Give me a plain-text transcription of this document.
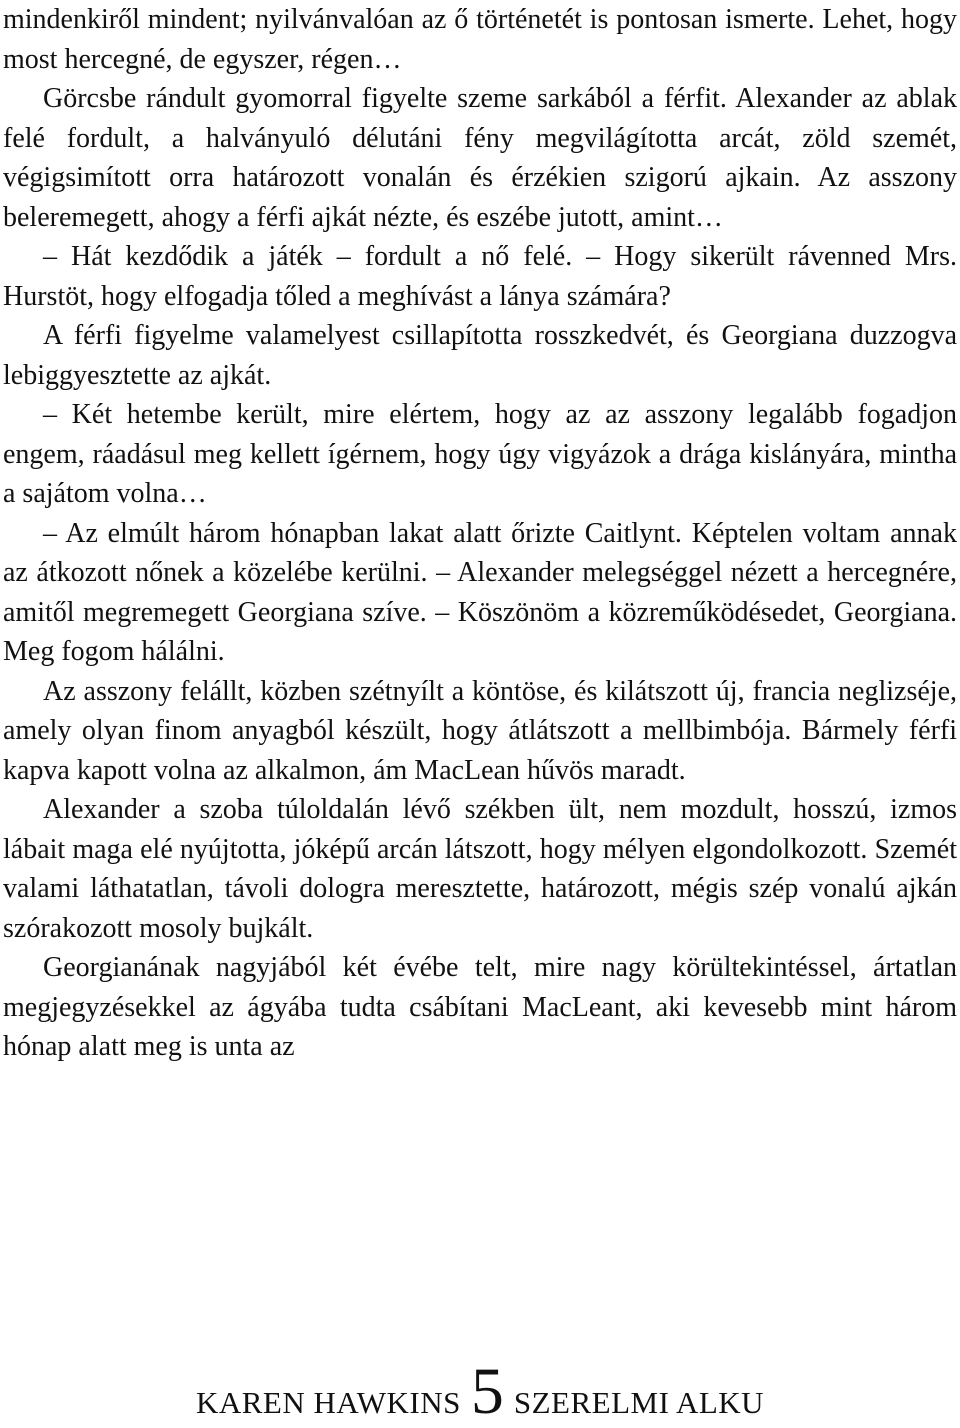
mindenkiről mindent; nyilvánvalóan az ő történetét is pontosan ismerte. Lehet, hogy most hercegné, de egyszer, régen…

Görcsbe rándult gyomorral figyelte szeme sarkából a férfit. Alexander az ablak felé fordult, a halványuló délutáni fény megvilágította arcát, zöld szemét, végigsimított orra határozott vonalán és érzékien szigorú ajkain. Az asszony beleremegett, ahogy a férfi ajkát nézte, és eszébe jutott, amint…

– Hát kezdődik a játék – fordult a nő felé. – Hogy sikerült rávenned Mrs. Hurstöt, hogy elfogadja tőled a meghívást a lánya számára?

A férfi figyelme valamelyest csillapította rosszkedvét, és Georgiana duzzogva lebiggyesztette az ajkát.

– Két hetembe került, mire elértem, hogy az az asszony legalább fogadjon engem, ráadásul meg kellett ígérnem, hogy úgy vigyázok a drága kislányára, mintha a sajátom volna…

– Az elmúlt három hónapban lakat alatt őrizte Caitlynt. Képtelen voltam annak az átkozott nőnek a közelébe kerülni. – Alexander melegséggel nézett a hercegnére, amitől megremegett Georgiana szíve. – Köszönöm a közreműködésedet, Georgiana. Meg fogom hálálni.

Az asszony felállt, közben szétnyílt a köntöse, és kilátszott új, francia neglizséje, amely olyan finom anyagból készült, hogy átlátszott a mellbimbója. Bármely férfi kapva kapott volna az alkalmon, ám MacLean hűvös maradt.

Alexander a szoba túloldalán lévő székben ült, nem mozdult, hosszú, izmos lábait maga elé nyújtotta, jóképű arcán látszott, hogy mélyen elgondolkozott. Szemét valami láthatatlan, távoli dologra meresztette, határozott, mégis szép vonalú ajkán szórakozott mosoly bujkált.

Georgianának nagyjából két évébe telt, mire nagy körültekintéssel, ártatlan megjegyzésekkel az ágyába tudta csábítani MacLeant, aki kevesebb mint három hónap alatt meg is unta az

KAREN HAWKINS 5 SZERELMI ALKU
